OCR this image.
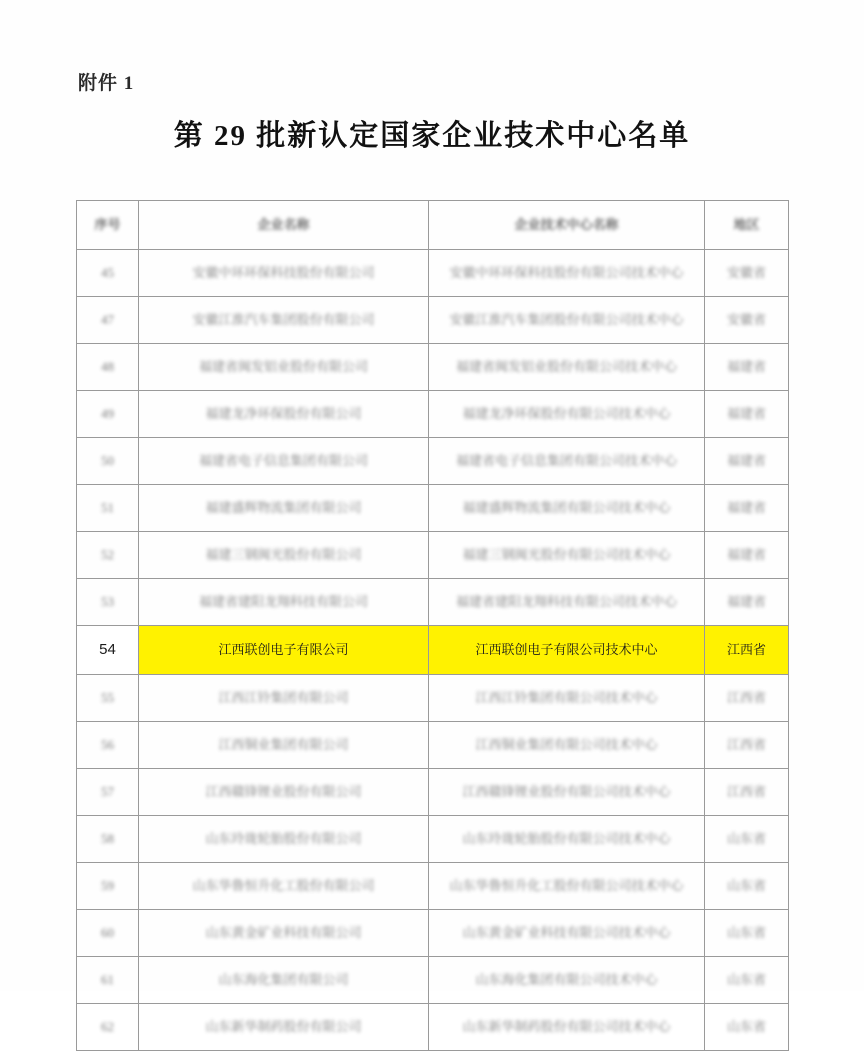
附件 1
第 29 批新认定国家企业技术中心名单
序号	企业名称	企业技术中心名称	地区
45	安徽中环环保科技股份有限公司	安徽中环环保科技股份有限公司技术中心	安徽省
47	安徽江淮汽车集团股份有限公司	安徽江淮汽车集团股份有限公司技术中心	安徽省
48	福建省闽发铝业股份有限公司	福建省闽发铝业股份有限公司技术中心	福建省
49	福建龙净环保股份有限公司	福建龙净环保股份有限公司技术中心	福建省
50	福建省电子信息集团有限公司	福建省电子信息集团有限公司技术中心	福建省
51	福建盛辉物流集团有限公司	福建盛辉物流集团有限公司技术中心	福建省
52	福建三钢闽光股份有限公司	福建三钢闽光股份有限公司技术中心	福建省
53	福建省建阳龙翔科技有限公司	福建省建阳龙翔科技有限公司技术中心	福建省
54	江西联创电子有限公司	江西联创电子有限公司技术中心	江西省
55	江西江铃集团有限公司	江西江铃集团有限公司技术中心	江西省
56	江西铜业集团有限公司	江西铜业集团有限公司技术中心	江西省
57	江西赣锋锂业股份有限公司	江西赣锋锂业股份有限公司技术中心	江西省
58	山东玲珑轮胎股份有限公司	山东玲珑轮胎股份有限公司技术中心	山东省
59	山东华鲁恒升化工股份有限公司	山东华鲁恒升化工股份有限公司技术中心	山东省
60	山东黄金矿业科技有限公司	山东黄金矿业科技有限公司技术中心	山东省
61	山东海化集团有限公司	山东海化集团有限公司技术中心	山东省
62	山东新华制药股份有限公司	山东新华制药股份有限公司技术中心	山东省
